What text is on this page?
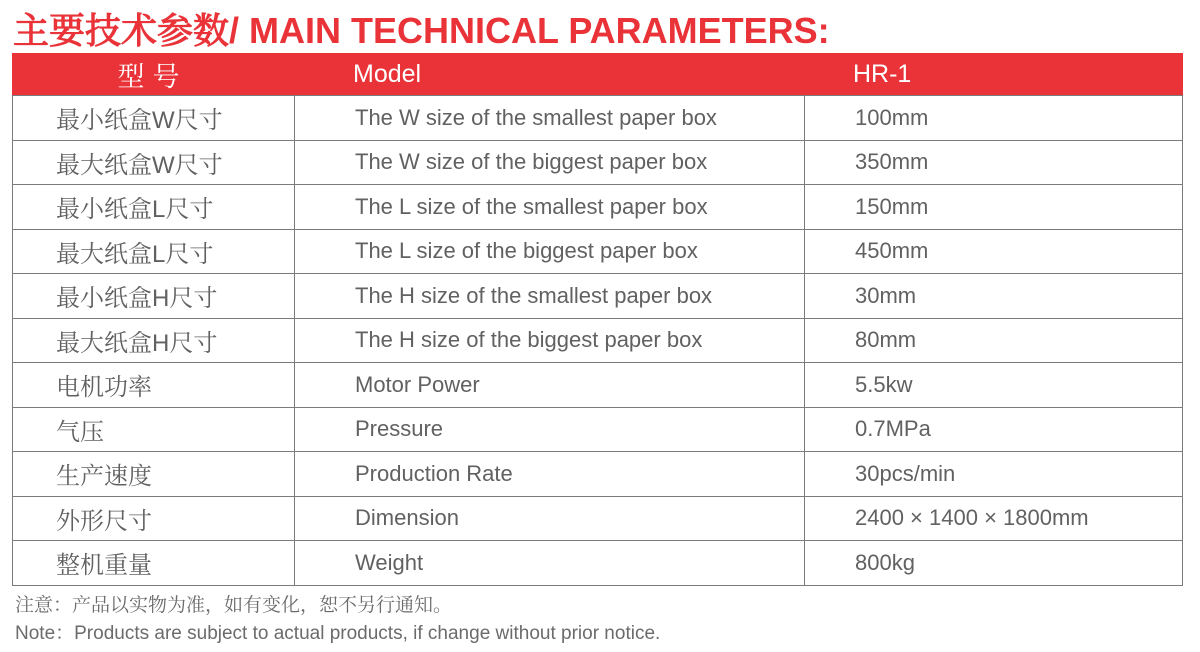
主要技术参数/ MAIN TECHNICAL PARAMETERS:
型号	Model	HR-1
最小纸盒W尺寸	The W size of the smallest paper box	100mm
最大纸盒W尺寸	The W size of the biggest paper box	350mm
最小纸盒L尺寸	The L size of the smallest paper box	150mm
最大纸盒L尺寸	The L size of the biggest paper box	450mm
最小纸盒H尺寸	The H size of the smallest paper box	30mm
最大纸盒H尺寸	The H size of the biggest paper box	80mm
电机功率	Motor Power	5.5kw
气压	Pressure	0.7MPa
生产速度	Production Rate	30pcs/min
外形尺寸	Dimension	2400 × 1400 × 1800mm
整机重量	Weight	800kg

注意：产品以实物为准，如有变化，恕不另行通知。

Note：Products are subject to actual products, if change without prior notice.
